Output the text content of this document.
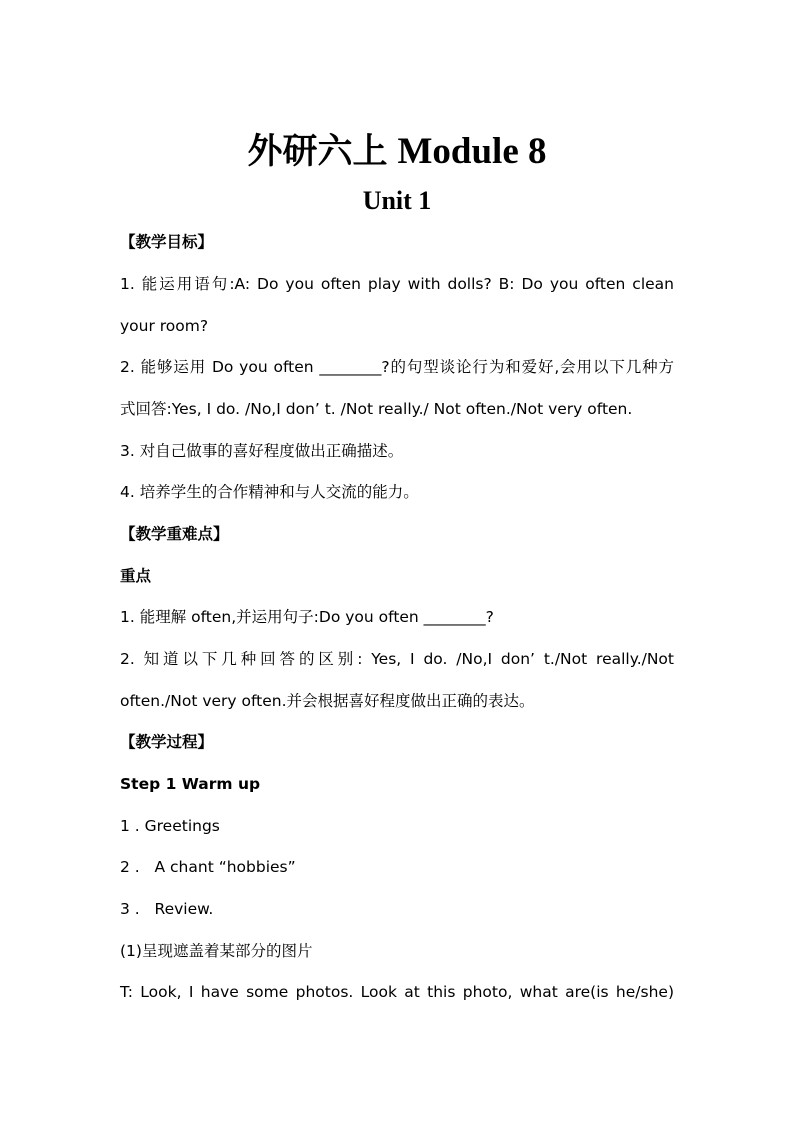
外研六上 Module 8
Unit 1
【教学目标】
1. 能运用语句:A: Do you often play with dolls? B: Do you often clean
your room?
2. 能够运用 Do you often ________?的句型谈论行为和爱好,会用以下几种方
式回答:Yes, I do. /No,I don’ t. /Not really./ Not often./Not very often.
3. 对自己做事的喜好程度做出正确描述。
4. 培养学生的合作精神和与人交流的能力。
【教学重难点】
重点
1. 能理解 often,并运用句子:Do you often ________?
2. 知道以下几种回答的区别: Yes, I do. /No,I don’ t./Not really./Not
often./Not very often.并会根据喜好程度做出正确的表达。
【教学过程】
Step 1 Warm up
1 . Greetings
2 .   A chant “hobbies”
3 .   Review.
(1)呈现遮盖着某部分的图片
T: Look, I have some photos. Look at this photo, what are(is he/she)
